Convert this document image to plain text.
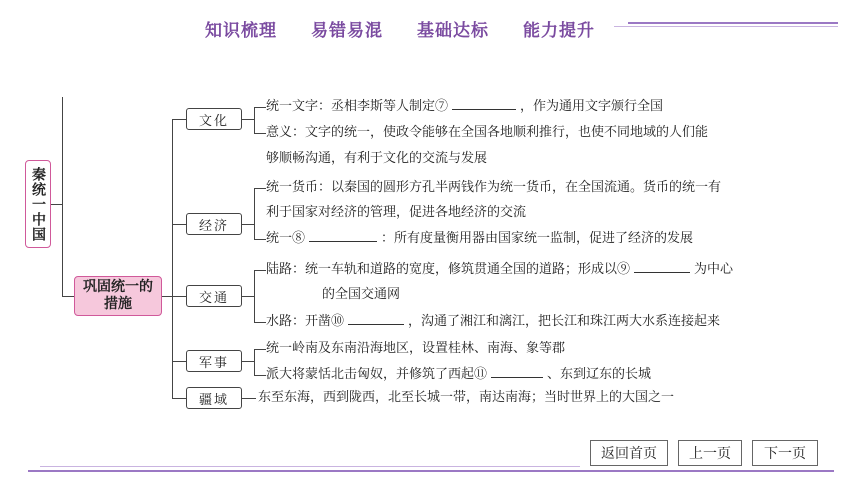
知识梳理 易错易混 基础达标 能力提升
秦统一中国
巩固统一的措施
文化
经济
交通
军事
疆域
统一文字：丞相李斯等人制定⑦	，作为通用文字颁行全国
意义：文字的统一，使政令能够在全国各地顺利推行，也使不同地域的人们能
够顺畅沟通，有利于文化的交流与发展
统一货币：以秦国的圆形方孔半两钱作为统一货币，在全国流通。货币的统一有
利于国家对经济的管理，促进各地经济的交流
统一⑧	：所有度量衡用器由国家统一监制，促进了经济的发展
陆路：统一车轨和道路的宽度，修筑贯通全国的道路；形成以⑨	为中心
的全国交通网
水路：开凿⑩	，沟通了湘江和漓江，把长江和珠江两大水系连接起来
统一岭南及东南沿海地区，设置桂林、南海、象等郡
派大将蒙恬北击匈奴，并修筑了西起⑪	、东到辽东的长城
东至东海，西到陇西，北至长城一带，南达南海；当时世界上的大国之一
返回首页	上一页	下一页
